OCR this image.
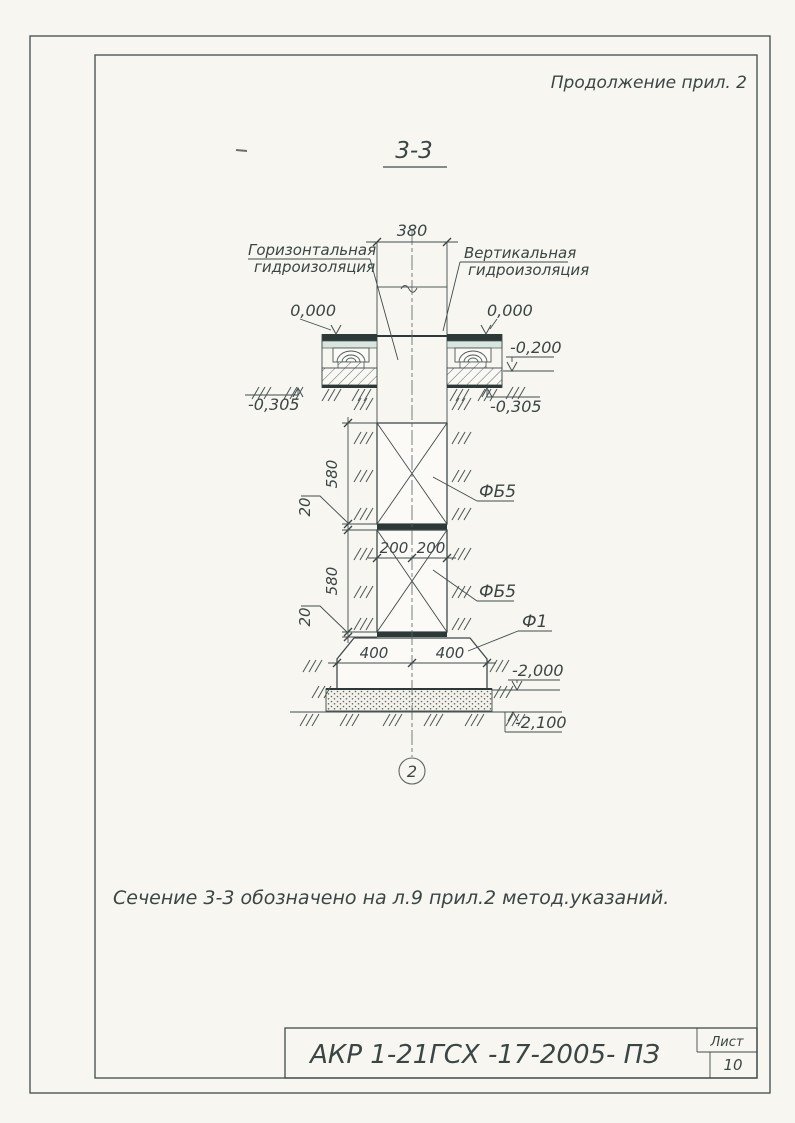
Продолжение прил. 2
3-3
2
380
580
580
20
20
200 200
400	400
Горизонтальная
гидроизоляция
Вертикальная
гидроизоляция
ФБ5
ФБ5
Ф1
0,000	0,000
-0,200
-0,305	-0,305
-2,000
-2,100
Сечение 3-3 обозначено на л.9 прил.2 метод.указаний.
АКР 1-21ГСХ -17-2005- ПЗ	Лист
10
